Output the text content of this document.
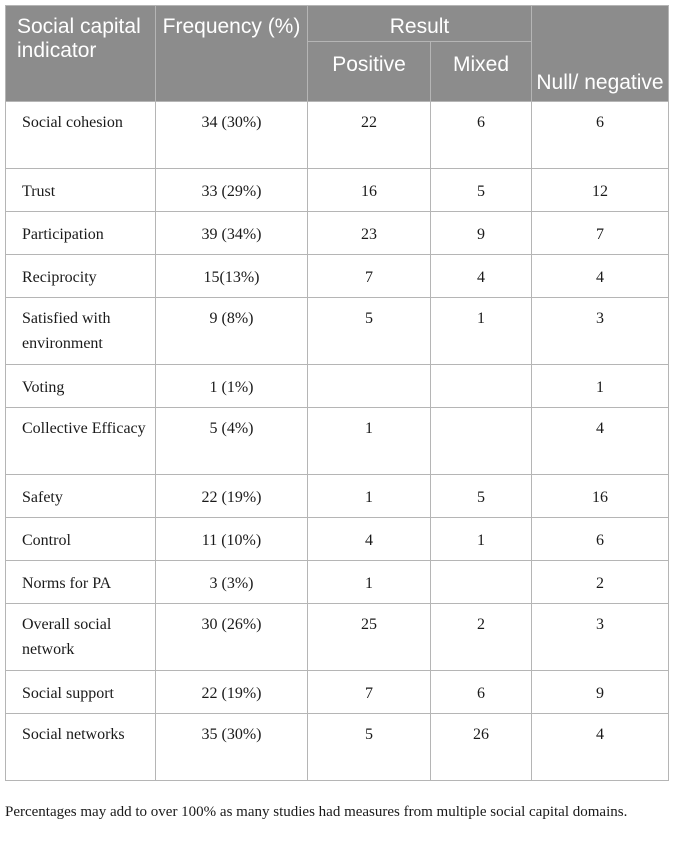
Social capital indicator	Frequency (%)	Result		Null/ negative
		Positive	Mixed	
Social cohesion	34 (30%)	22	6	6
Trust	33 (29%)	16	5	12
Participation	39 (34%)	23	9	7
Reciprocity	15(13%)	7	4	4
Satisfied with environment	9 (8%)	5	1	3
Voting	1 (1%)			1
Collective Efficacy	5 (4%)	1		4
Safety	22 (19%)	1	5	16
Control	11 (10%)	4	1	6
Norms for PA	3 (3%)	1		2
Overall social network	30 (26%)	25	2	3
Social support	22 (19%)	7	6	9
Social networks	35 (30%)	5	26	4
Percentages may add to over 100% as many studies had measures from multiple social capital domains.
